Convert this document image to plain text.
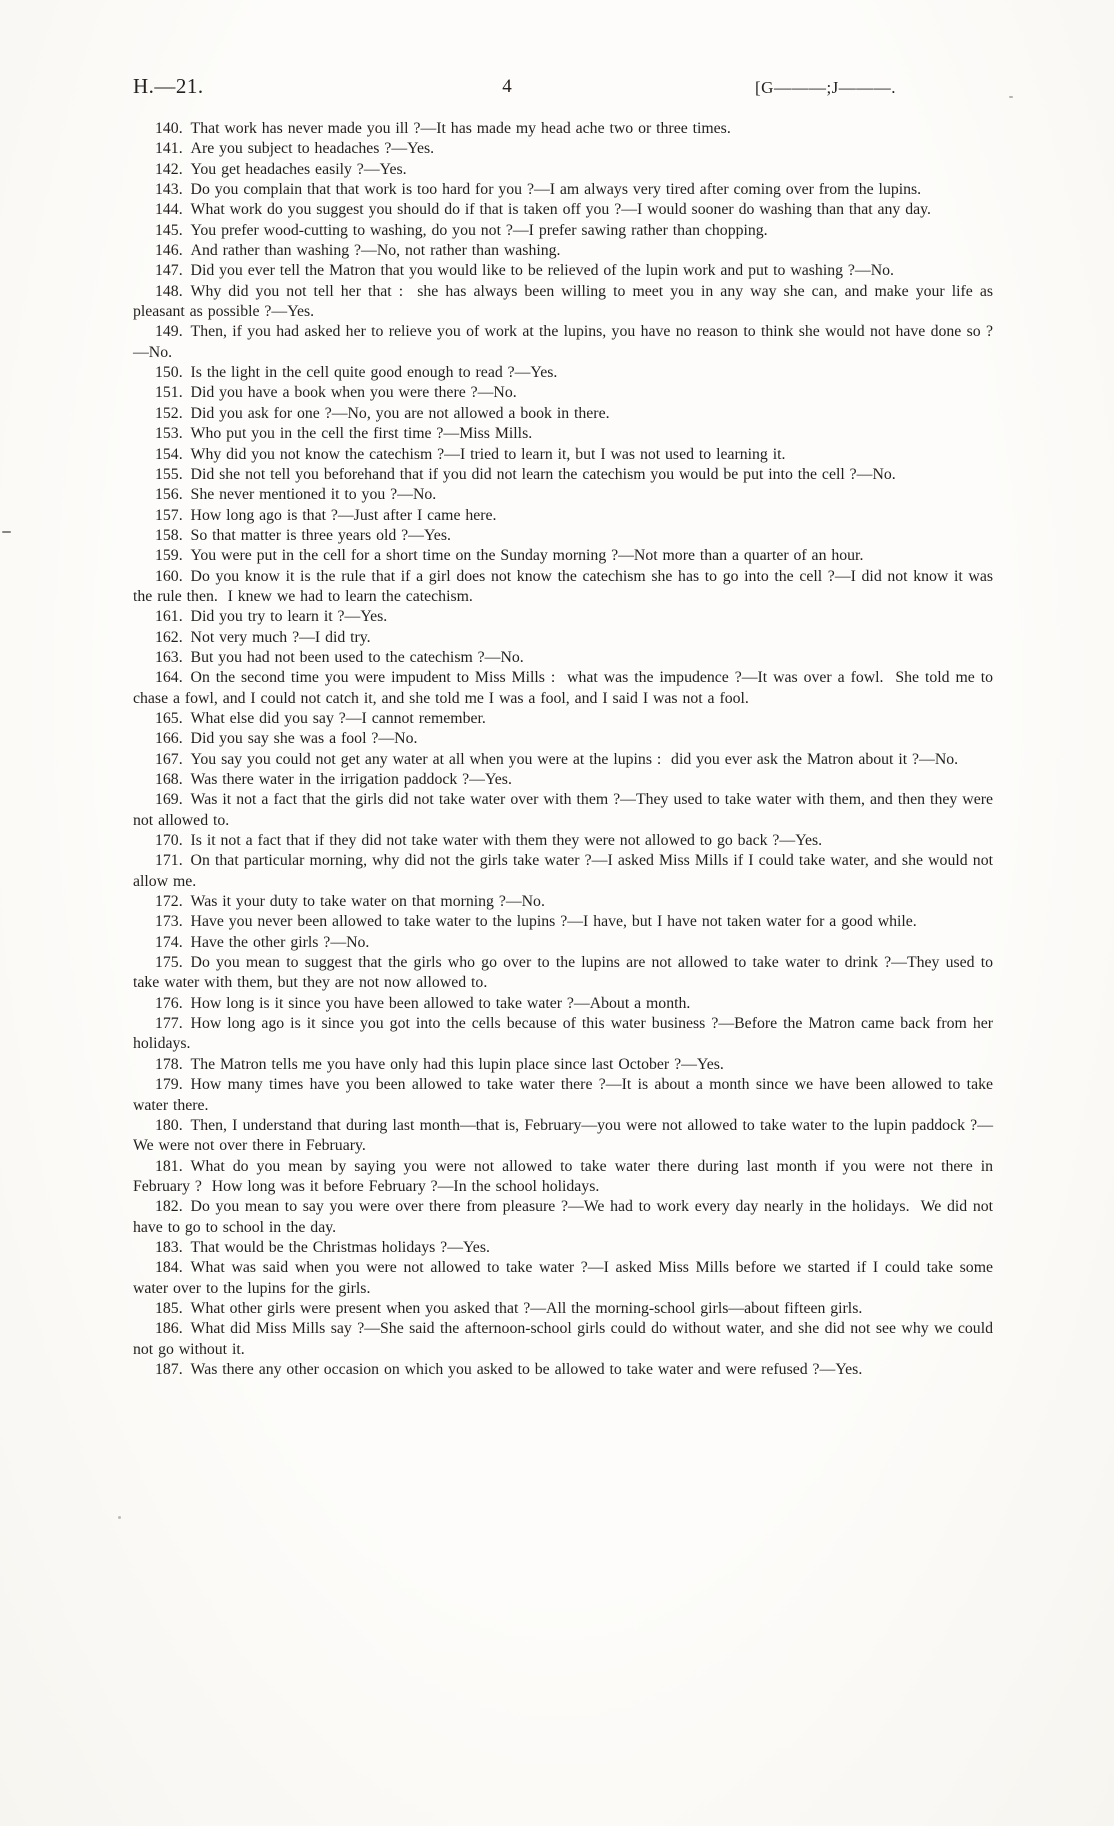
H.—21.	4	[G———;J———.

140. That work has never made you ill ?—It has made my head ache two or three times.

141. Are you subject to headaches ?—Yes.

142. You get headaches easily ?—Yes.

143. Do you complain that that work is too hard for you ?—I am always very tired after coming over from the lupins.

144. What work do you suggest you should do if that is taken off you ?—I would sooner do washing than that any day.

145. You prefer wood-cutting to washing, do you not ?—I prefer sawing rather than chopping.

146. And rather than washing ?—No, not rather than washing.

147. Did you ever tell the Matron that you would like to be relieved of the lupin work and put to washing ?—No.

148. Why did you not tell her that :  she has always been willing to meet you in any way she can, and make your life as pleasant as possible ?—Yes.

149. Then, if you had asked her to relieve you of work at the lupins, you have no reason to think she would not have done so ?—No.

150. Is the light in the cell quite good enough to read ?—Yes.

151. Did you have a book when you were there ?—No.

152. Did you ask for one ?—No, you are not allowed a book in there.

153. Who put you in the cell the first time ?—Miss Mills.

154. Why did you not know the catechism ?—I tried to learn it, but I was not used to learning it.

155. Did she not tell you beforehand that if you did not learn the catechism you would be put into the cell ?—No.

156. She never mentioned it to you ?—No.

157. How long ago is that ?—Just after I came here.

158. So that matter is three years old ?—Yes.

159. You were put in the cell for a short time on the Sunday morning ?—Not more than a quarter of an hour.

160. Do you know it is the rule that if a girl does not know the catechism she has to go into the cell ?—I did not know it was the rule then.  I knew we had to learn the catechism.

161. Did you try to learn it ?—Yes.

162. Not very much ?—I did try.

163. But you had not been used to the catechism ?—No.

164. On the second time you were impudent to Miss Mills :  what was the impudence ?—It was over a fowl.  She told me to chase a fowl, and I could not catch it, and she told me I was a fool, and I said I was not a fool.

165. What else did you say ?—I cannot remember.

166. Did you say she was a fool ?—No.

167. You say you could not get any water at all when you were at the lupins :  did you ever ask the Matron about it ?—No.

168. Was there water in the irrigation paddock ?—Yes.

169. Was it not a fact that the girls did not take water over with them ?—They used to take water with them, and then they were not allowed to.

170. Is it not a fact that if they did not take water with them they were not allowed to go back ?—Yes.

171. On that particular morning, why did not the girls take water ?—I asked Miss Mills if I could take water, and she would not allow me.

172. Was it your duty to take water on that morning ?—No.

173. Have you never been allowed to take water to the lupins ?—I have, but I have not taken water for a good while.

174. Have the other girls ?—No.

175. Do you mean to suggest that the girls who go over to the lupins are not allowed to take water to drink ?—They used to take water with them, but they are not now allowed to.

176. How long is it since you have been allowed to take water ?—About a month.

177. How long ago is it since you got into the cells because of this water business ?—Before the Matron came back from her holidays.

178. The Matron tells me you have only had this lupin place since last October ?—Yes.

179. How many times have you been allowed to take water there ?—It is about a month since we have been allowed to take water there.

180. Then, I understand that during last month—that is, February—you were not allowed to take water to the lupin paddock ?—We were not over there in February.

181. What do you mean by saying you were not allowed to take water there during last month if you were not there in February ?  How long was it before February ?—In the school holidays.

182. Do you mean to say you were over there from pleasure ?—We had to work every day nearly in the holidays.  We did not have to go to school in the day.

183. That would be the Christmas holidays ?—Yes.

184. What was said when you were not allowed to take water ?—I asked Miss Mills before we started if I could take some water over to the lupins for the girls.

185. What other girls were present when you asked that ?—All the morning-school girls—about fifteen girls.

186. What did Miss Mills say ?—She said the afternoon-school girls could do without water, and she did not see why we could not go without it.

187. Was there any other occasion on which you asked to be allowed to take water and were refused ?—Yes.
